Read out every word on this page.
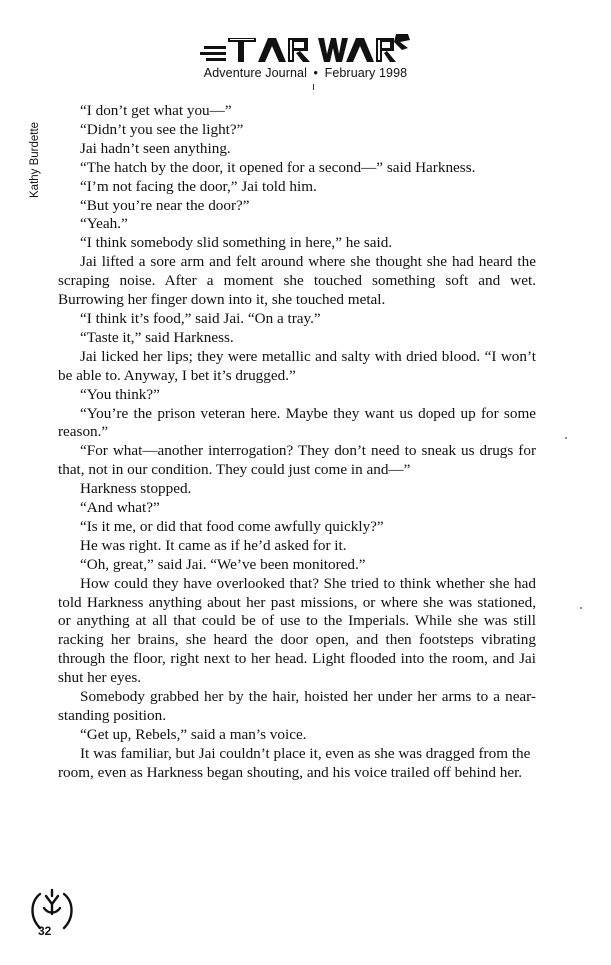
Adventure Journal • February 1998
Kathy Burdette

“I don’t get what you—”

“Didn’t you see the light?”

Jai hadn’t seen anything.

“The hatch by the door, it opened for a second—” said Harkness.

“I’m not facing the door,” Jai told him.

“But you’re near the door?”

“Yeah.”

“I think somebody slid something in here,” he said.

Jai lifted a sore arm and felt around where she thought she had heard the scraping noise. After a moment she touched something soft and wet. Burrowing her finger down into it, she touched metal.

“I think it’s food,” said Jai. “On a tray.”

“Taste it,” said Harkness.

Jai licked her lips; they were metallic and salty with dried blood. “I won’t be able to. Anyway, I bet it’s drugged.”

“You think?”

“You’re the prison veteran here. Maybe they want us doped up for some reason.”

“For what—another interrogation? They don’t need to sneak us drugs for that, not in our condition. They could just come in and—”

Harkness stopped.

“And what?”

“Is it me, or did that food come awfully quickly?”

He was right. It came as if he’d asked for it.

“Oh, great,” said Jai. “We’ve been monitored.”

How could they have overlooked that? She tried to think whether she had told Harkness anything about her past missions, or where she was stationed, or anything at all that could be of use to the Imperials. While she was still racking her brains, she heard the door open, and then footsteps vibrating through the floor, right next to her head. Light flooded into the room, and Jai shut her eyes.

Somebody grabbed her by the hair, hoisted her under her arms to a near-standing position.

“Get up, Rebels,” said a man’s voice.

It was familiar, but Jai couldn’t place it, even as she was dragged from the room, even as Harkness began shouting, and his voice trailed off behind her.

32
